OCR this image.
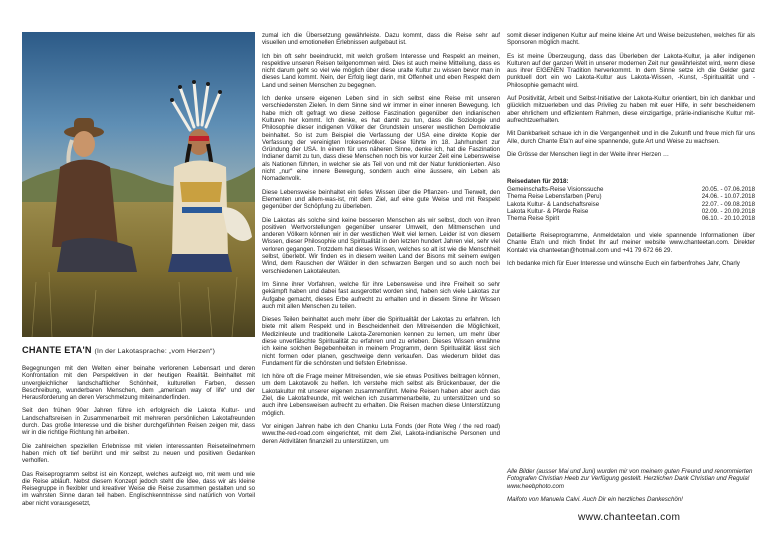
CHANTE ETA'N (In der Lakotasprache: „vom Herzen“)

Begegnungen mit den Welten einer beinahe verlorenen Lebensart und deren Konfrontation mit den Perspektiven in der heutigen Realität. Beinhaltet mit unvergleichlicher landschaftlicher Schönheit, kulturellen Farben, dessen Beschreibung, wunderbaren Menschen, dem „american way of life“ und der Herausforderung an deren Verschmelzung miteinanderfinden.

Seit den frühen 90er Jahren führe ich erfolgreich die Lakota Kultur- und Landschaftsreisen in Zusammenarbeit mit mehreren persönlichen Lakotafreunden durch. Das große Interesse und die bisher durchgeführten Reisen zeigen mir, dass wir in die richtige Richtung hin arbeiten.

Die zahlreichen speziellen Erlebnisse mit vielen interessanten Reiseteilnehmern haben mich oft tief berührt und mir selbst zu neuen und positiven Gedanken verholfen.

Das Reiseprogramm selbst ist ein Konzept, welches aufzeigt wo, mit wem und wie die Reise abläuft. Nebst diesem Konzept jedoch steht die Idee, dass wir als kleine Reisegruppe in flexibler und kreativer Weise die Reise zusammen gestalten und so im wahrsten Sinne daran teil haben. Englischkenntnisse sind natürlich von Vorteil aber nicht vorausgesetzt,

zumal ich die Übersetzung gewährleiste. Dazu kommt, dass die Reise sehr auf visuellen und emotionellen Erlebnissen aufgebaut ist.

Ich bin oft sehr beeindruckt, mit welch großem Interesse und Respekt an meinen, respektive unseren Reisen teilgenommen wird. Dies ist auch meine Mitteilung, dass es nicht darum geht so viel wie möglich über diese uralte Kultur zu wissen bevor man in dieses Land kommt. Nein, der Erfolg liegt darin, mit Offenheit und eben Respekt dem Land und seinen Menschen zu begegnen.

Ich denke unsere eigenen Leben sind in sich selbst eine Reise mit unseren verschiedensten Zielen. In dem Sinne sind wir immer in einer inneren Bewegung. Ich habe mich oft gefragt wo diese zeitlose Faszination gegenüber den indianischen Kulturen her kommt. Ich denke, es hat damit zu tun, dass die Soziologie und Philosophie dieser indigenen Völker der Grundstein unserer westlichen Demokratie beinhaltet. So ist zum Beispiel die Verfassung der USA eine direkte Kopie der Verfassung der vereinigten Irokesenvölker. Diese führte im 18. Jahrhundert zur Gründung der USA. In einem für uns näheren Sinne, denke ich, hat die Faszination Indianer damit zu tun, dass diese Menschen noch bis vor kurzer Zeit eine Lebensweise als Nationen führten, in welcher sie als Teil von und mit der Natur funktionierten. Also nicht „nur“ eine innere Bewegung, sondern auch eine äussere, ein Leben als Nomadenvolk.

Diese Lebensweise beinhaltet ein tiefes Wissen über die Pflanzen- und Tierwelt, den Elementen und allem-was-ist, mit dem Ziel, auf eine gute Weise und mit Respekt gegenüber der Schöpfung zu überleben.

Die Lakotas als solche sind keine besseren Menschen als wir selbst, doch von ihren positiven Wertvorstellungen gegenüber unserer Umwelt, den Mitmenschen und anderen Völkern können wir in der westlichen Welt viel lernen. Leider ist von diesem Wissen, dieser Philosophie und Spiritualität in den letzten hundert Jahren viel, sehr viel verloren gegangen. Trotzdem hat dieses Wissen, welches so alt ist wie die Menschheit selbst, überlebt. Wir finden es in diesem weiten Land der Bisons mit seinem ewigen Wind, dem Rauschen der Wälder in den schwarzen Bergen und so auch noch bei verschiedenen Lakotaleuten.

Im Sinne ihrer Vorfahren, welche für ihre Lebensweise und ihre Freiheit so sehr gekämpft haben und dabei fast ausgerottet worden sind, haben sich viele Lakotas zur Aufgabe gemacht, dieses Erbe aufrecht zu erhalten und in diesem Sinne ihr Wissen auch mit allen Menschen zu teilen.

Dieses Teilen beinhaltet auch mehr über die Spiritualität der Lakotas zu erfahren. Ich biete mit allem Respekt und in Bescheidenheit den Mitreisenden die Möglichkeit, Medizinleute und traditionelle Lakota-Zeremonien kennen zu lernen, um mehr über diese unverfälschte Spiritualität zu erfahren und zu erleben. Dieses Wissen erwähne ich keine solchen Begebenheiten in meinem Programm, denn Spiritualität lässt sich nicht formen oder planen, geschweige denn verkaufen. Das wiederum bildet das Fundament für die schönsten und tiefsten Erlebnisse.

Ich höre oft die Frage meiner Mitreisenden, wie sie etwas Positives beitragen können, um dem Lakotavolk zu helfen. Ich verstehe mich selbst als Brückenbauer, der die Lakotakultur mit unserer eigenen zusammenführt. Meine Reisen haben aber auch das Ziel, die Lakotafreunde, mit welchen ich zusammenarbeite, zu unterstützen und so auch ihre Lebensweisen aufrecht zu erhalten. Die Reisen machen diese Unterstützung möglich.

Vor einigen Jahren habe ich den Chanku Luta Fonds (der Rote Weg / the red road) www.the-red-road.com eingerichtet, mit dem Ziel, Lakota-indianische Personen und deren Aktivitäten finanziell zu unterstützen, um

somit dieser indigenen Kultur auf meine kleine Art und Weise beizustehen, welches für als Sponsoren möglich macht.

Es ist meine Überzeugung, dass das Überleben der Lakota-Kultur, ja aller indigenen Kulturen auf der ganzen Welt in unserer modernen Zeit nur gewährleistet wird, wenn diese aus ihrer EIGENEN Tradition herverkommt. In dem Sinne setze ich die Gelder ganz punktuell dort ein wo Lakota-Kultur aus Lakota-Wissen, -Kunst, -Spiritualität und -Philosophie gemacht wird.

Auf Positivität, Arbeit und Selbst-Initiative der Lakota-Kultur orientiert, bin ich dankbar und glücklich mitzuerleben und das Privileg zu haben mit euer Hilfe, in sehr bescheidenem aber ehrlichem und effizientem Rahmen, diese einzigartige, prärie-indianische Kultur mit- aufrechtzuerhalten.

Mit Dankbarkeit schaue ich in die Vergangenheit und in die Zukunft und freue mich für uns Alle, durch Chante Eta'n auf eine spannende, gute Art und Weise zu wachsen.

Die Grösse der Menschen liegt in der Weite ihrer Herzen …

Reisedaten für 2018:
Gemeinschafts-Reise Visionssuche	20.05. - 07.06.2018
Thema Reise Lebensfarben (Peru)	24.06. - 10.07.2018
Lakota Kultur- & Landschaftsreise	22.07. - 09.08.2018
Lakota Kultur- & Pferde Reise	02.09. - 20.09.2018
Thema Reise Spirit	06.10. - 20.10.2018

Detaillierte Reiseprogramme, Anmeldetalon und viele spannende Informationen über Chante Eta'n und mich findet Ihr auf meiner website www.chanteetan.com. Direkter Kontakt via chanteetan@hotmail.com und +41 79 672 66 29.

Ich bedanke mich für Euer Interesse und wünsche Euch ein farbenfrohes Jahr, Charly

Alle Bilder (ausser Mai und Juni) wurden mir von meinem guten Freund und renommierten Fotografen Christian Heeb zur Verfügung gestellt. Herzlichen Dank Christian und Regula! www.heebphoto.com

Maifoto von Manuela Calvi. Auch Dir ein herzliches Dankeschön!

www.chanteetan.com
